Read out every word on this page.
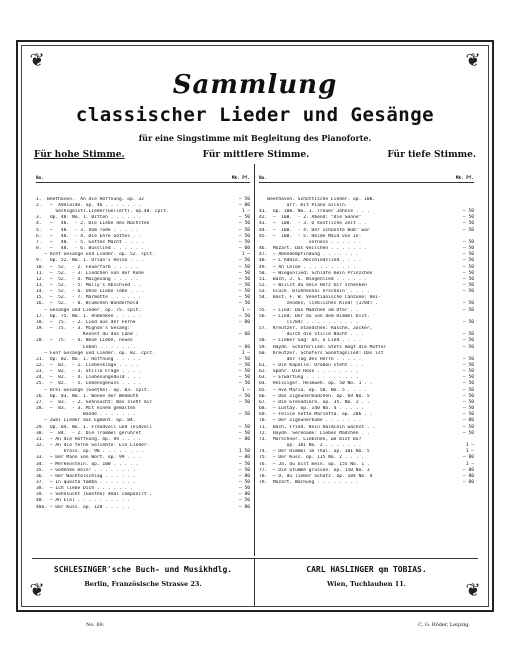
❦	❦
❦	❦
Sammlung
classischer Lieder und Gesänge
für eine Singstimme mit Begleitung des Pianoforte.
Für hohe Stimme.	Für mittlere Stimme.	Für tiefe Stimme.

No.	Mk. Pf.

1.  Beethoven.  An die Hoffnung. op. 32	— 50
2.   —  Adelaide. op. 46 . . . . . . .	— 80
Sechsgeistl.Lieder(Gellert). op.48. cplt.	1 —
3.   Op. 48. No. 1. Bitten . . . . . .	— 50
4.   —   48.  - 2. Die Liebe des Nächsten	— 50
5.   —   48.  - 3. Vom Tode . . . . .	— 50
6.   —   48.  - 4. Die Ehre Gottes . .	— 50
7.   —   48.  - 5. Gottes Macht . . . .	— 50
8.   —   48.  - 6. Busslied . . . . . .	— 60
— Acht Gesänge und Lieder. op. 52. cplt.	1 —
9.   Op. 52. No. 1. Urian's Reise . . .	— 50
10.  —  52.  - 2. Feuerfarb . . . . .	— 50
11.  —  52.  - 3. Liedchen von der Ruhe	— 50
12.  —  52.  - 4. Maigesang . . . . .	— 50
13.  —  52.  - 5. Molly's Abschied . .	— 50
14.  —  52.  - 6. Ohne Liebe lebe . . .	— 50
15.  —  52.  - 7. Marmotte . . . . . .	— 50
16.  —  52.  - 8. Blümchen Wunderhold	— 50
— Gesänge und Lieder. op. 75. cplt.	1 —
17.  Op. 75. No. 1. Andenken . . . . .	— 50
18.  —  75.  - 2. Lied aus der Ferne	— 80
19.  —  75.  - 3. Mignon's Gesang:
Kennst du das Land .	— 60
20.  —  75.  - 4. Neue Liebe, neues
Leben . . . . . . .	— 60
— Fünf Gesänge und Lieder. op. 82. cplt.	1 —
21.  Op. 82. No. 1. Hoffnung . . . . .	— 50
22.  —  82.  - 2. Liebesklage . . . .	— 50
23.  —  82.  - 3. Stille Frage . . . .	— 50
24.  —  82.  - 4. Liebesungeduld . . .	— 50
25.  —  82.  - 5. Lebensgenuss . . . .	— 50
— Drei Gesänge (Goethe). op. 83. cplt.	1 —
26.  Op. 83. No. 1. Wonne der Wehmuth	— 50
27.  —  83.  - 2. Sehnsucht: Was zieht mir	— 50
28.  —  83.  - 3. Mit einem gemalten
Bande . . . . . . .	— 50
— Zwei Lieder aus Egmont. op. 84.
29.  Op. 84. No. 1. Freudvoll und leidvoll	— 50
30.  —  84.  - 2. Die Trommel gerühret	— 50
31.  — An die Hoffnung. op. 94 . . . .	— 80
32.  — An die ferne Geliebte. Ein Lieder-
kreis. op. 98 . . . . . . . .	1 50
33.  — Der Mann von Wort. op. 99 . . .	— 80
34.  — Merkenstein. op. 100 . . . . .	— 50
35.  — Gedenke mein! . . . . . . . .	— 50
36.  — Der Wachtelschlag . . . . . .	— 80
37.  — In questa tomba . . . . . . .	— 50
38.  — Ich liebe Dich . . . . . . .	— 50
39.  — Sehnsucht (Goethe) 4mal componirt .	— 80
40.  — An Elel . . . . . . . . . .	— 50
40a. — Der Kuss. op. 128 . . . . .	— 80

No.	Mk. Pf.

Beethoven. Schottische Lieder. op. 108.
arr. mit Piano allein.
41.  Op. 108. No. 1. Treuer Johnie . . .	— 50
42.  —  108.  - 2. Abend: "Die Sonne"	— 50
43.  —  108.  - 3. O köstliche Zeit . .	— 50
44.  —  108.  - 4. Der schönste Bub' war	— 50
45.  —  108.  - 5. Holde Maid von In-
verness . . . . . .	— 50
46.  Mozart. Das Veilchen . . . . . . .	— 50
47.  — Abendempfindung . . . . . . .	— 50
48.  — L'Addio. Abschiedslied . . . .	— 50
49.  — An Chloë . . . . . . . . . .	— 50
50.  — Wiegenlied: Schlafe mein Prinzchen	— 50
51.  Bach, J. S. Wiegenlied . . . . . .	— 50
52.  — Willst du dein Herz mir schenken	— 50
53.  Gluck. Blühhennal erschein' . . . .	— 50
54.  Bast, F. W. Venetianische Canzone: Rei-
zendes, liebliches Kind! (1784) .	— 50
55.  — Lied: Das Mädchen am Ufer . .	— 50
56.  — Lied: Der du von dem Himmel bist.
(1784) . . . . . . . . . .	— 50
57.  Kreutzer. Ständchen: Rasche, Zöcker,
durch die stille Nacht . . .	— 50
58.  — Lieber Sag' an, o Lied . . . .	— 50
59.  Haydn. Schäferlied: Stets megt die Mutter	— 50
60.  Kreutzer. Schäfers Sonntagslied: Das ist
der Tag des Herrn . . . . .	— 50
61.  — Die Kapelle: Droben steht . . .	— 50
62.  Spohr. Die Rose . . . . . . . .	— 50
63.  — Erwartung . . . . . . . . . .	— 50
64.  Reissiger. Heimweh. op. 50 No. 1 . .	— 50
65.  — Ave Maria. op. 50. No. 5 . . . .	— 50
66.  — Das Zigeunermädchen. op. 69 No. 5	— 50
67.  — Die Grenadiere. op. 35. No. 2 . .	— 50
68.  — Lustay. op. 140 No. 4 . . . . .	— 50
69.  — Felice notte Marietta. op. 206 . .	— 50
70.  — Der Zigeunerbube . . . . . . .	— 80
71.  Bach, Fried. Kein Hälmlein wächst . .	— 50
72.  Haydn. Serenade: Liebes Mädchen . .	— 50
73.  Marschner. Liebchen, wo bist Du?
op. 101 No. 2 . . . . . . .	1 —
74.  — Der Himmel im Thal. op. 101 No. 5	1 —
75.  — Der Kuss. op. 115 No. 2 . . . .	— 80
76.  — Ja, du bist mein. op. 155 No. 1 .	1 —
77.  — Die Stumme grüssen. op. 150 No. 3	— 80
78.  — O, du lieber Schatz. op. 184 No. 4	— 80
79.  Mozart. Warnung . . . . . . . .	— 80
SCHLESINGER'sche Buch- und Musikhdlg.
Berlin, Französische Strasse 23.
CARL HASLINGER qm TOBIAS.
Wien, Tuchlauben 11.
No. 69.	C. G. Röder, Leipzig.
